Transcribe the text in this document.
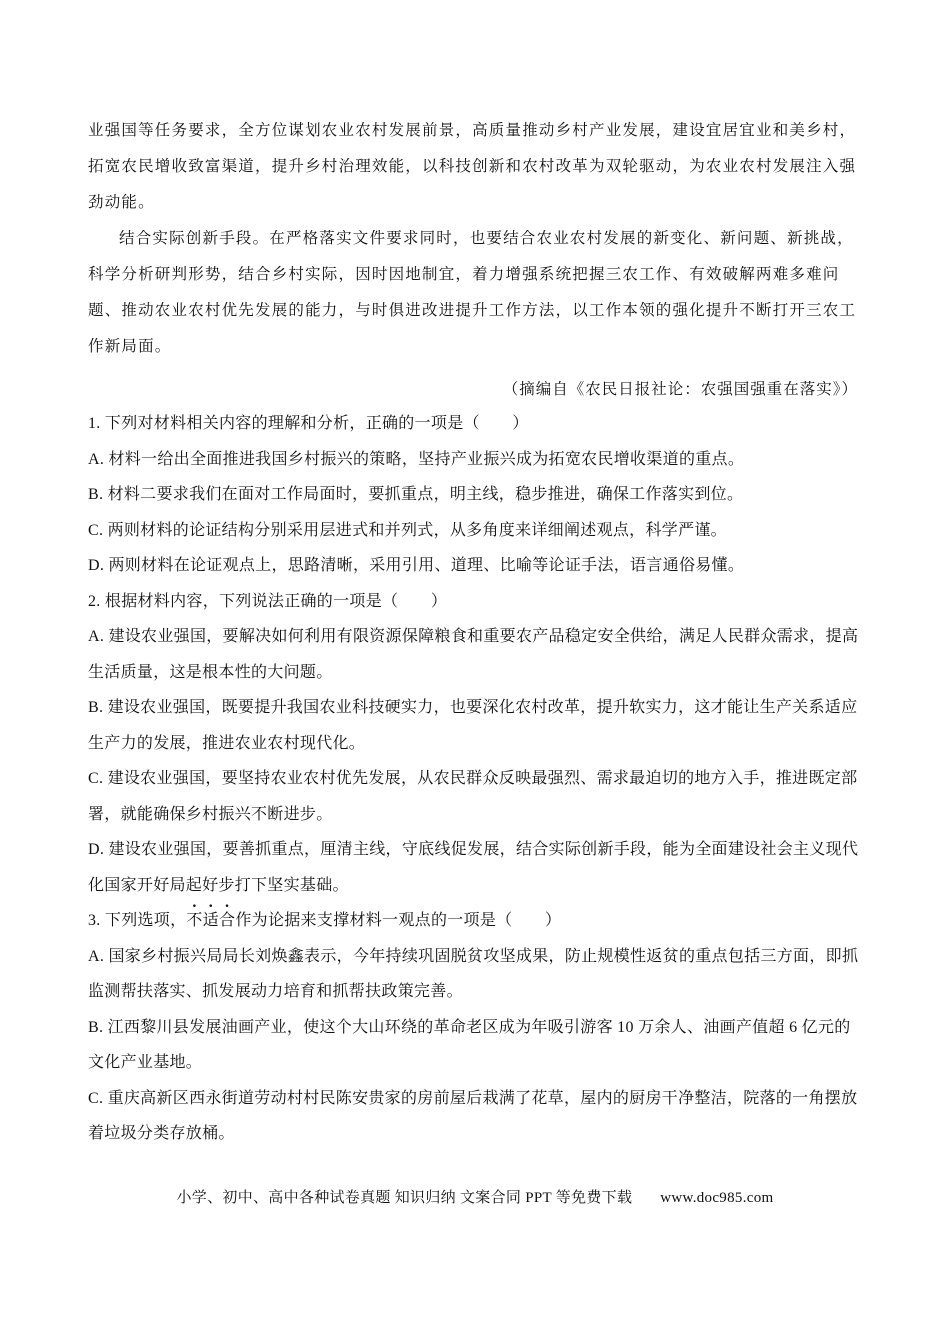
业强国等任务要求，全方位谋划农业农村发展前景，高质量推动乡村产业发展，建设宜居宜业和美乡村，拓宽农民增收致富渠道，提升乡村治理效能，以科技创新和农村改革为双轮驱动，为农业农村发展注入强劲动能。

结合实际创新手段。在严格落实文件要求同时，也要结合农业农村发展的新变化、新问题、新挑战，科学分析研判形势，结合乡村实际，因时因地制宜，着力增强系统把握三农工作、有效破解两难多难问题、推动农业农村优先发展的能力，与时俱进改进提升工作方法，以工作本领的强化提升不断打开三农工作新局面。

（摘编自《农民日报社论：农强国强重在落实》）

1. 下列对材料相关内容的理解和分析，正确的一项是（　　）

A. 材料一给出全面推进我国乡村振兴的策略，坚持产业振兴成为拓宽农民增收渠道的重点。

B. 材料二要求我们在面对工作局面时，要抓重点，明主线，稳步推进，确保工作落实到位。

C. 两则材料的论证结构分别采用层进式和并列式，从多角度来详细阐述观点，科学严谨。

D. 两则材料在论证观点上，思路清晰，采用引用、道理、比喻等论证手法，语言通俗易懂。

2. 根据材料内容，下列说法正确的一项是（　　）

A. 建设农业强国，要解决如何利用有限资源保障粮食和重要农产品稳定安全供给，满足人民群众需求，提高生活质量，这是根本性的大问题。

B. 建设农业强国，既要提升我国农业科技硬实力，也要深化农村改革，提升软实力，这才能让生产关系适应生产力的发展，推进农业农村现代化。

C. 建设农业强国，要坚持农业农村优先发展，从农民群众反映最强烈、需求最迫切的地方入手，推进既定部署，就能确保乡村振兴不断进步。

D. 建设农业强国，要善抓重点，厘清主线，守底线促发展，结合实际创新手段，能为全面建设社会主义现代化国家开好局起好步打下坚实基础。

3. 下列选项，不适合作为论据来支撑材料一观点的一项是（　　）

A. 国家乡村振兴局局长刘焕鑫表示，今年持续巩固脱贫攻坚成果，防止规模性返贫的重点包括三方面，即抓监测帮扶落实、抓发展动力培育和抓帮扶政策完善。

B. 江西黎川县发展油画产业，使这个大山环绕的革命老区成为年吸引游客 10 万余人、油画产值超 6 亿元的文化产业基地。

C. 重庆高新区西永街道劳动村村民陈安贵家的房前屋后栽满了花草，屋内的厨房干净整洁，院落的一角摆放着垃圾分类存放桶。

小学、初中、高中各种试卷真题 知识归纳 文案合同 PPT 等免费下载 www.doc985.com
